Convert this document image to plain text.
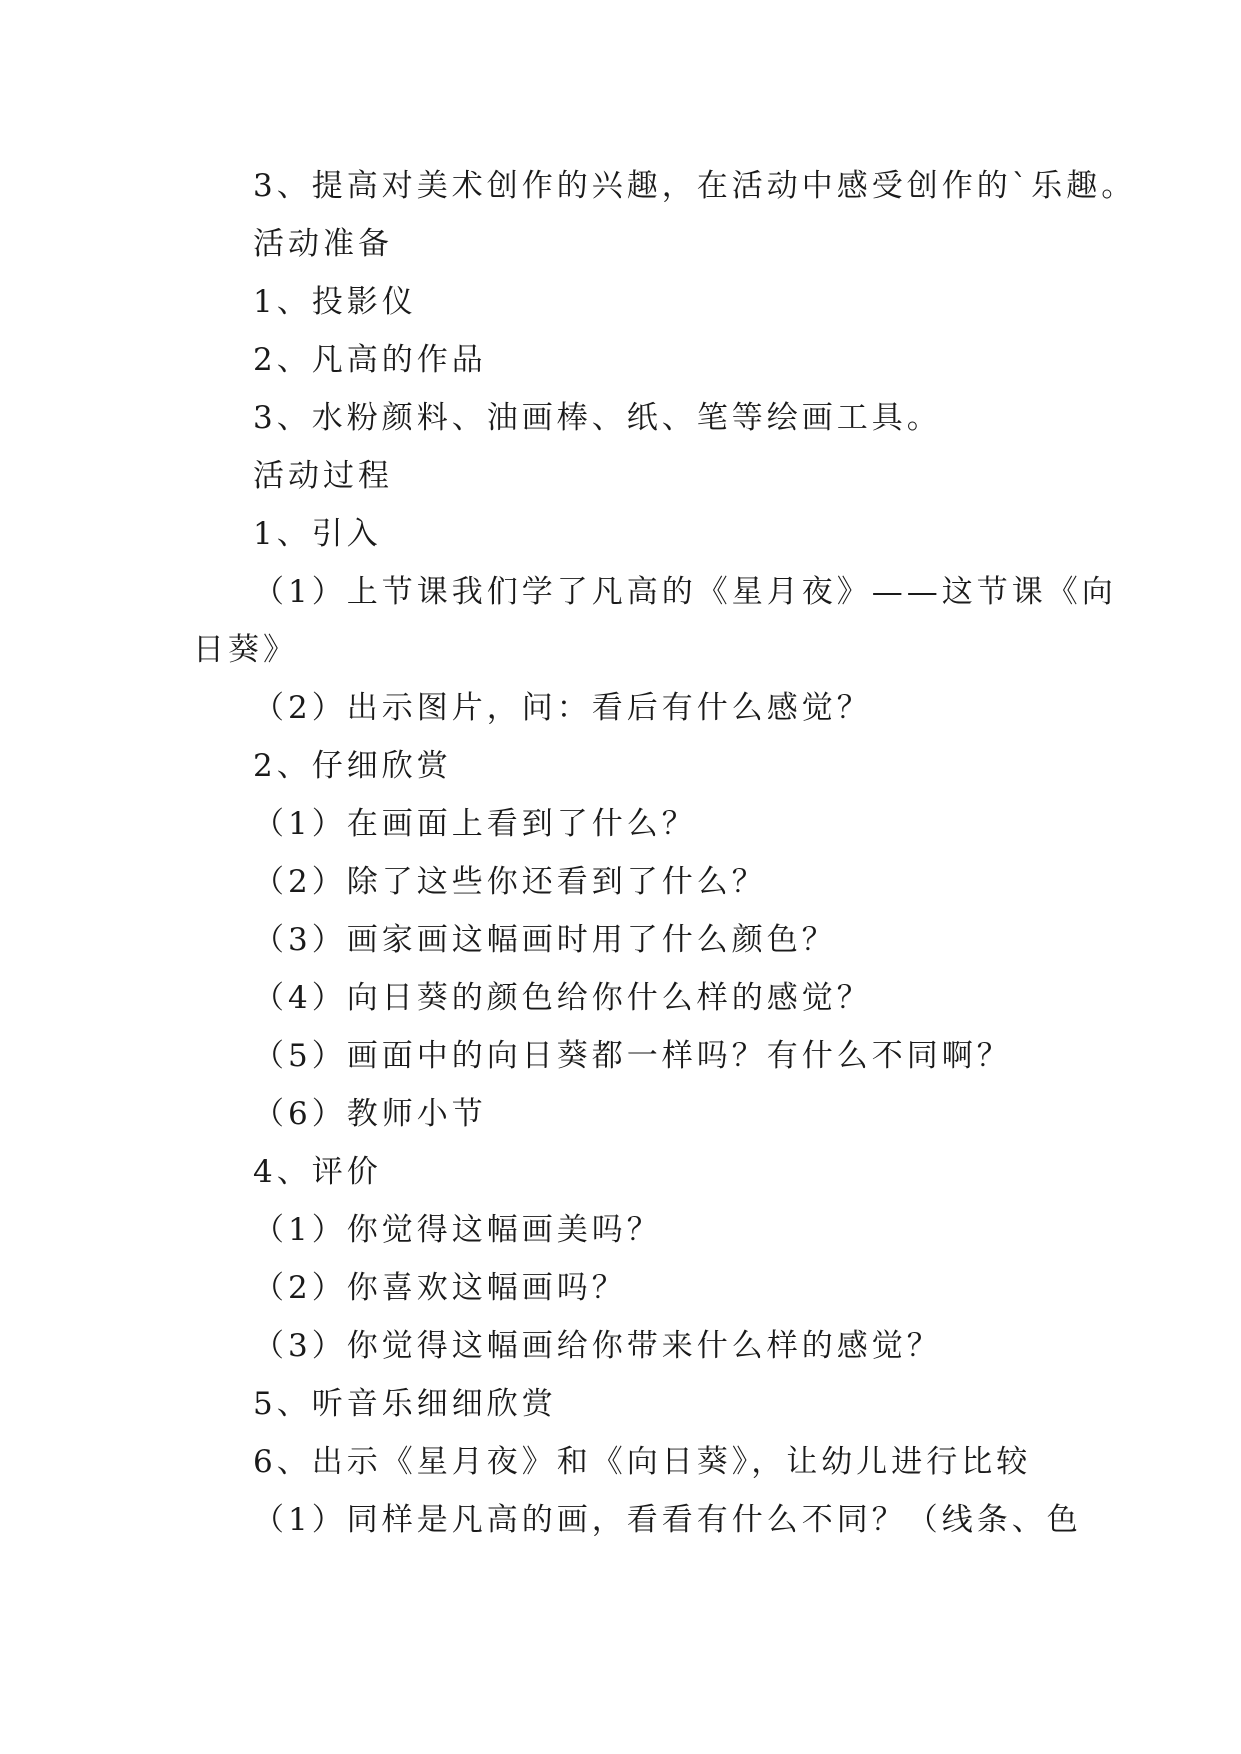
3、提高对美术创作的兴趣，在活动中感受创作的`乐趣。
活动准备
1、投影仪
2、凡高的作品
3、水粉颜料、油画棒、纸、笔等绘画工具。
活动过程
1、引入
（1）上节课我们学了凡高的《星月夜》——这节课《向
日葵》
（2）出示图片，问：看后有什么感觉？
2、仔细欣赏
（1）在画面上看到了什么？
（2）除了这些你还看到了什么？
（3）画家画这幅画时用了什么颜色？
（4）向日葵的颜色给你什么样的感觉？
（5）画面中的向日葵都一样吗？有什么不同啊？
（6）教师小节
4、评价
（1）你觉得这幅画美吗？
（2）你喜欢这幅画吗？
（3）你觉得这幅画给你带来什么样的感觉？
5、听音乐细细欣赏
6、出示《星月夜》和《向日葵》，让幼儿进行比较
（1）同样是凡高的画，看看有什么不同？（线条、色
